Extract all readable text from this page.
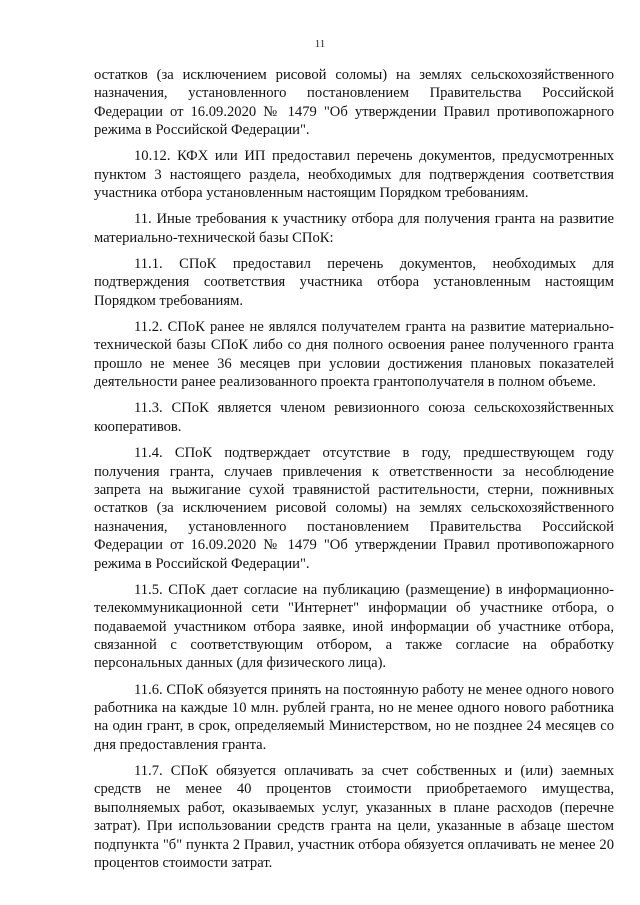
11

остатков (за исключением рисовой соломы) на землях сельскохозяйственного назначения, установленного постановлением Правительства Российской Федерации от 16.09.2020 № 1479 "Об утверждении Правил противопожарного режима в Российской Федерации".

10.12. КФХ или ИП предоставил перечень документов, предусмотренных пунктом 3 настоящего раздела, необходимых для подтверждения соответствия участника отбора установленным настоящим Порядком требованиям.

11. Иные требования к участнику отбора для получения гранта на развитие материально-технической базы СПоК:

11.1. СПоК предоставил перечень документов, необходимых для подтверждения соответствия участника отбора установленным настоящим Порядком требованиям.

11.2. СПоК ранее не являлся получателем гранта на развитие материально-технической базы СПоК либо со дня полного освоения ранее полученного гранта прошло не менее 36 месяцев при условии достижения плановых показателей деятельности ранее реализованного проекта грантополучателя в полном объеме.

11.3. СПоК является членом ревизионного союза сельскохозяйственных кооперативов.

11.4. СПоК подтверждает отсутствие в году, предшествующем году получения гранта, случаев привлечения к ответственности за несоблюдение запрета на выжигание сухой травянистой растительности, стерни, пожнивных остатков (за исключением рисовой соломы) на землях сельскохозяйственного назначения, установленного постановлением Правительства Российской Федерации от 16.09.2020 № 1479 "Об утверждении Правил противопожарного режима в Российской Федерации".

11.5. СПоК дает согласие на публикацию (размещение) в информационно-телекоммуникационной сети "Интернет" информации об участнике отбора, о подаваемой участником отбора заявке, иной информации об участнике отбора, связанной с соответствующим отбором, а также согласие на обработку персональных данных (для физического лица).

11.6. СПоК обязуется принять на постоянную работу не менее одного нового работника на каждые 10 млн. рублей гранта, но не менее одного нового работника на один грант, в срок, определяемый Министерством, но не позднее 24 месяцев со дня предоставления гранта.

11.7. СПоК обязуется оплачивать за счет собственных и (или) заемных средств не менее 40 процентов стоимости приобретаемого имущества, выполняемых работ, оказываемых услуг, указанных в плане расходов (перечне затрат). При использовании средств гранта на цели, указанные в абзаце шестом подпункта "б" пункта 2 Правил, участник отбора обязуется оплачивать не менее 20 процентов стоимости затрат.
